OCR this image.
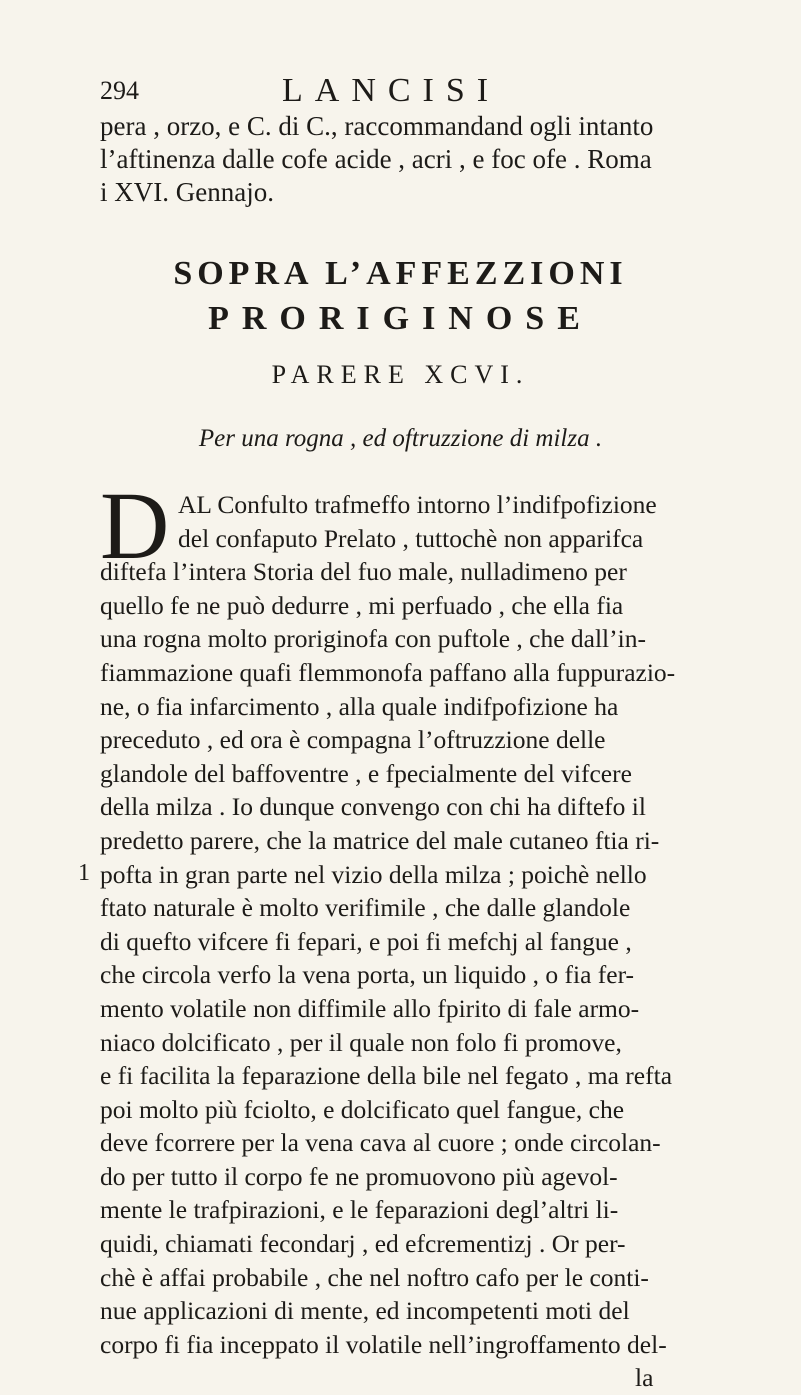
294	LANCISI
pera , orzo, e C. di C., raccommandand ogli intanto
l’aftinenza dalle cofe acide , acri , e foc ofe . Roma
i XVI. Gennajo.
SOPRA L’AFFEZZIONI
PRORIGINOSE
PARERE XCVI.
Per una rogna , ed oftruzzione di milza .
D AL Confulto trafmeffo intorno l’indifpofizione
del confaputo Prelato , tuttochè non apparifca
diftefa l’intera Storia del fuo male, nulladimeno per
quello fe ne può dedurre , mi perfuado , che ella fia
una rogna molto proriginofa con puftole , che dall’in-
fiammazione quafi flemmonofa paffano alla fuppurazio-
ne, o fia infarcimento , alla quale indifpofizione ha
preceduto , ed ora è compagna l’oftruzzione delle
glandole del baffoventre , e fpecialmente del vifcere
della milza . Io dunque convengo con chi ha diftefo il
predetto parere, che la matrice del male cutaneo ftia ri-
pofta in gran parte nel vizio della milza ; poichè nello
ftato naturale è molto verifimile , che dalle glandole
di quefto vifcere fi fepari, e poi fi mefchj al fangue ,
che circola verfo la vena porta, un liquido , o fia fer-
mento volatile non diffimile allo fpirito di fale armo-
niaco dolcificato , per il quale non folo fi promove,
e fi facilita la feparazione della bile nel fegato , ma refta
poi molto più fciolto, e dolcificato quel fangue, che
deve fcorrere per la vena cava al cuore ; onde circolan-
do per tutto il corpo fe ne promuovono più agevol-
mente le trafpirazioni, e le feparazioni degl’altri li-
quidi, chiamati fecondarj , ed efcrementizj . Or per-
chè è affai probabile , che nel noftro cafo per le conti-
nue applicazioni di mente, ed incompetenti moti del
corpo fi fia inceppato il volatile nell’ingroffamento del-
la
1
